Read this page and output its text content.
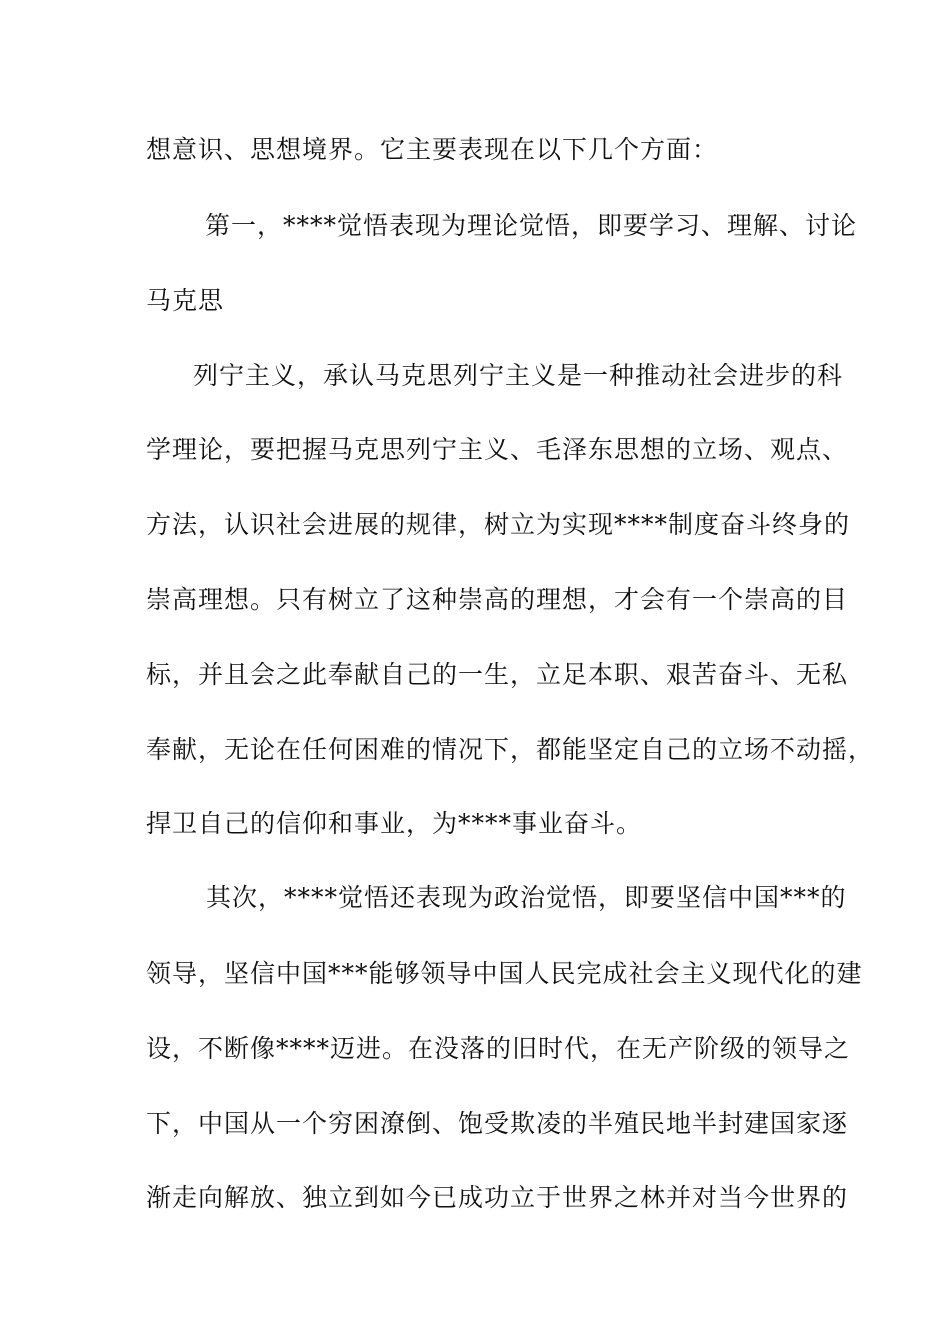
想意识、思想境界。它主要表现在以下几个方面：
第一，****觉悟表现为理论觉悟，即要学习、理解、讨论
马克思
列宁主义，承认马克思列宁主义是一种推动社会进步的科
学理论，要把握马克思列宁主义、毛泽东思想的立场、观点、
方法，认识社会进展的规律，树立为实现****制度奋斗终身的
崇高理想。只有树立了这种崇高的理想，才会有一个崇高的目
标，并且会之此奉献自己的一生，立足本职、艰苦奋斗、无私
奉献，无论在任何困难的情况下，都能坚定自己的立场不动摇，
捍卫自己的信仰和事业，为****事业奋斗。
其次，****觉悟还表现为政治觉悟，即要坚信中国***的
领导，坚信中国***能够领导中国人民完成社会主义现代化的建
设，不断像****迈进。在没落的旧时代，在无产阶级的领导之
下，中国从一个穷困潦倒、饱受欺凌的半殖民地半封建国家逐
渐走向解放、独立到如今已成功立于世界之林并对当今世界的
